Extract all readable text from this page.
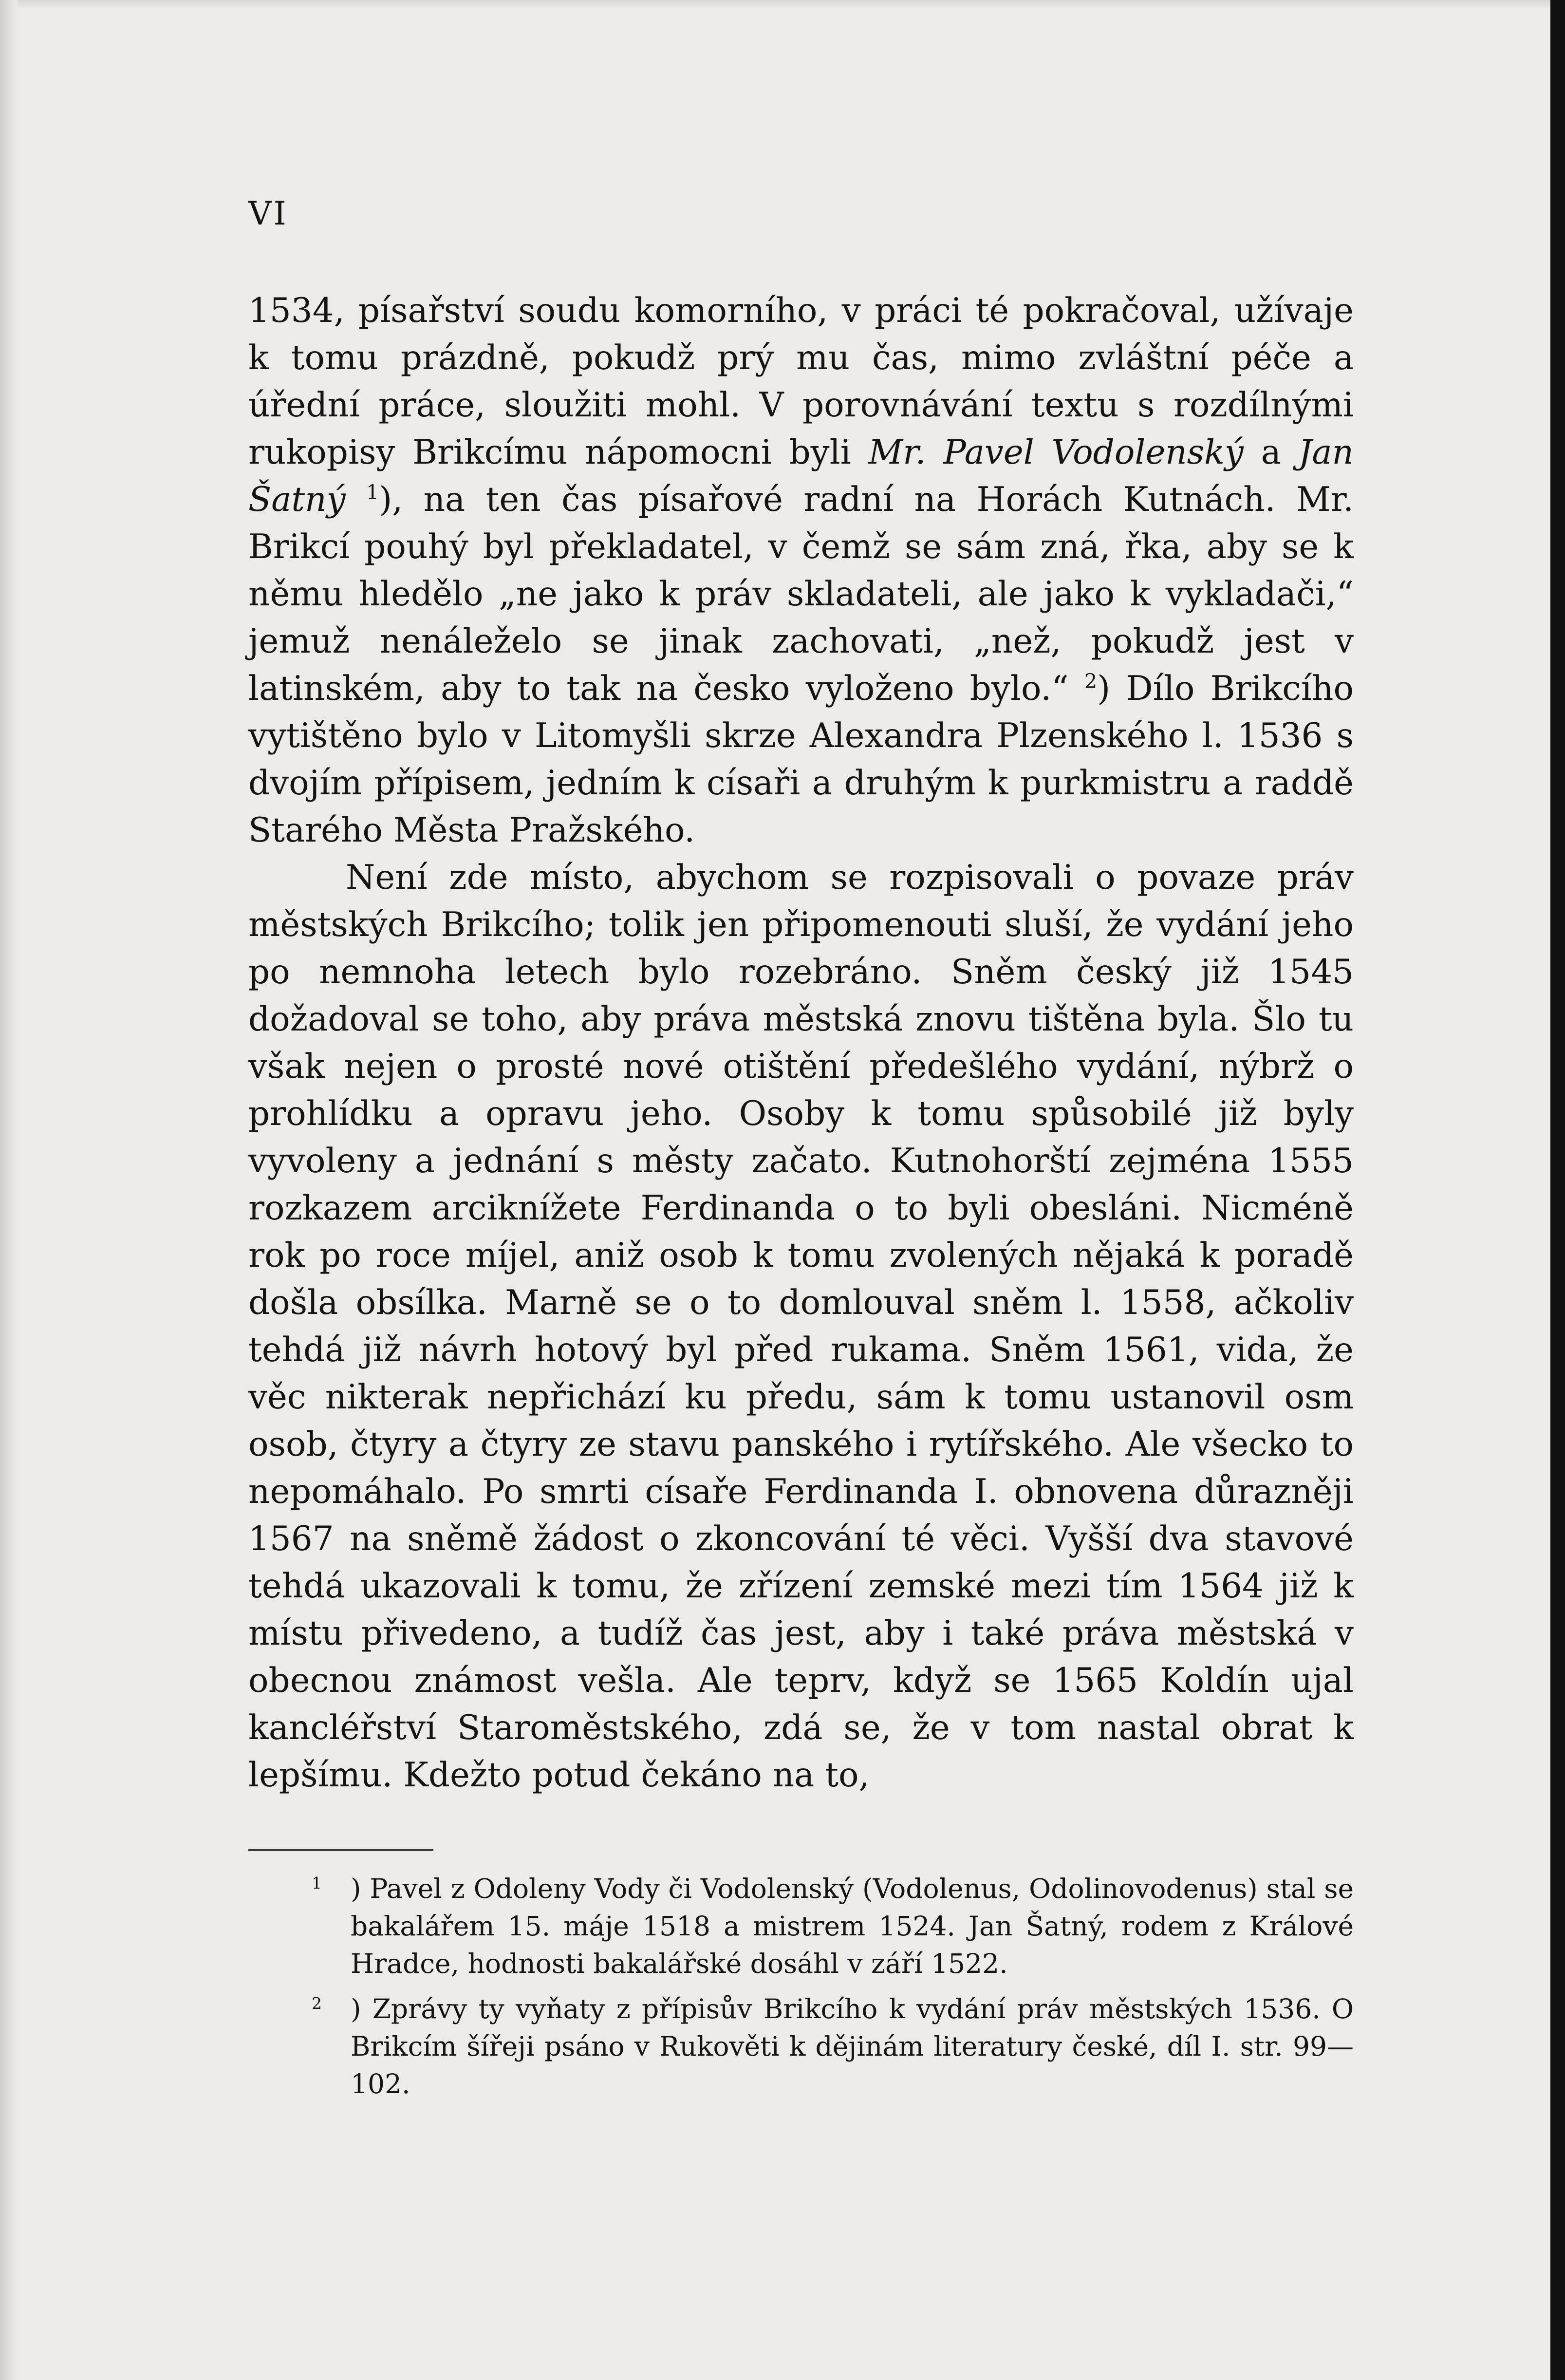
VI

1534, písařství soudu komorního, v práci té pokračoval, užívaje k tomu prázdně, pokudž prý mu čas, mimo zvláštní péče a úřední práce, sloužiti mohl. V porovnávání textu s rozdílnými rukopisy Brikcímu nápomocni byli Mr. Pavel Vodolenský a Jan Šatný $^1$), na ten čas písařové radní na Horách Kutnách. Mr. Brikcí pouhý byl překladatel, v čemž se sám zná, řka, aby se k němu hledělo „ne jako k práv skladateli, ale jako k vykladači,“ jemuž nenáleželo se jinak zachovati, „než, pokudž jest v latinském, aby to tak na česko vyloženo bylo.“ $^2$) Dílo Brikcího vytištěno bylo v Litomyšli skrze Alexandra Plzenského l. 1536 s dvojím přípisem, jedním k císaři a druhým k purkmistru a raddě Starého Města Pražského.

Není zde místo, abychom se rozpisovali o povaze práv městských Brikcího; tolik jen připomenouti sluší, že vydání jeho po nemnoha letech bylo rozebráno. Sněm český již 1545 dožadoval se toho, aby práva městská znovu tištěna byla. Šlo tu však nejen o prosté nové otištění předešlého vydání, nýbrž o prohlídku a opravu jeho. Osoby k tomu spůsobilé již byly vyvoleny a jednání s městy začato. Kutnohorští zejména 1555 rozkazem arciknížete Ferdinanda o to byli obesláni. Nicméně rok po roce míjel, aniž osob k tomu zvolených nějaká k poradě došla obsílka. Marně se o to domlouval sněm l. 1558, ačkoliv tehdá již návrh hotový byl před rukama. Sněm 1561, vida, že věc nikterak nepřichází ku předu, sám k tomu ustanovil osm osob, čtyry a čtyry ze stavu panského i rytířského. Ale všecko to nepomáhalo. Po smrti císaře Ferdinanda I. obnovena důrazněji 1567 na sněmě žádost o zkoncování té věci. Vyšší dva stavové tehdá ukazovali k tomu, že zřízení zemské mezi tím 1564 již k místu přivedeno, a tudíž čas jest, aby i také práva městská v obecnou známost vešla. Ale teprv, když se 1565 Koldín ujal kancléřství Staroměstského, zdá se, že v tom nastal obrat k lepšímu. Kdežto potud čekáno na to,

$^1$ ) Pavel z Odoleny Vody či Vodolenský (Vodolenus, Odolinovodenus) stal se bakalářem 15. máje 1518 a mistrem 1524. Jan Šatný, rodem z Králové Hradce, hodnosti bakalářské dosáhl v září 1522.

$^2$ ) Zprávy ty vyňaty z přípisův Brikcího k vydání práv městských 1536. O Brikcím šířeji psáno v Rukověti k dějinám literatury české, díl I. str. 99—102.
